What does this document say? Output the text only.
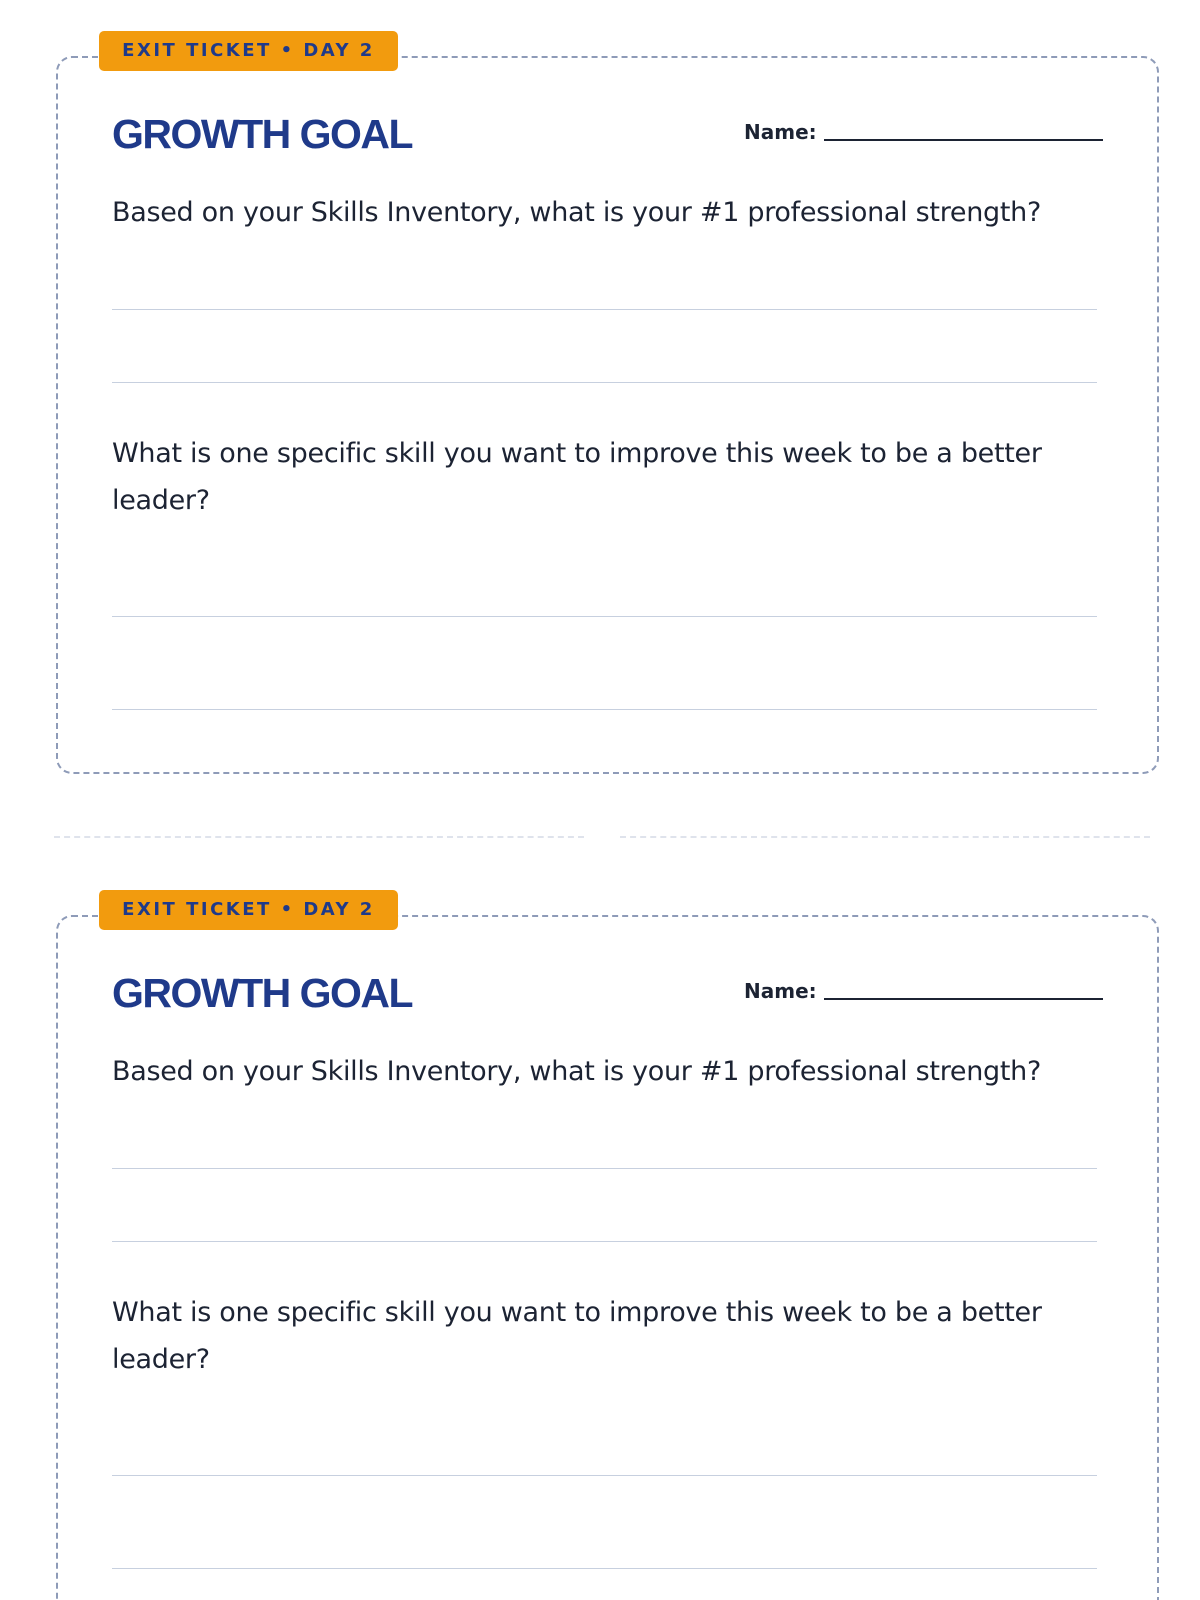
EXIT TICKET • DAY 2
GROWTH GOAL	Name:
Based on your Skills Inventory, what is your #1 professional strength?
What is one specific skill you want to improve this week to be a better leader?
EXIT TICKET • DAY 2
GROWTH GOAL	Name:
Based on your Skills Inventory, what is your #1 professional strength?
What is one specific skill you want to improve this week to be a better leader?
